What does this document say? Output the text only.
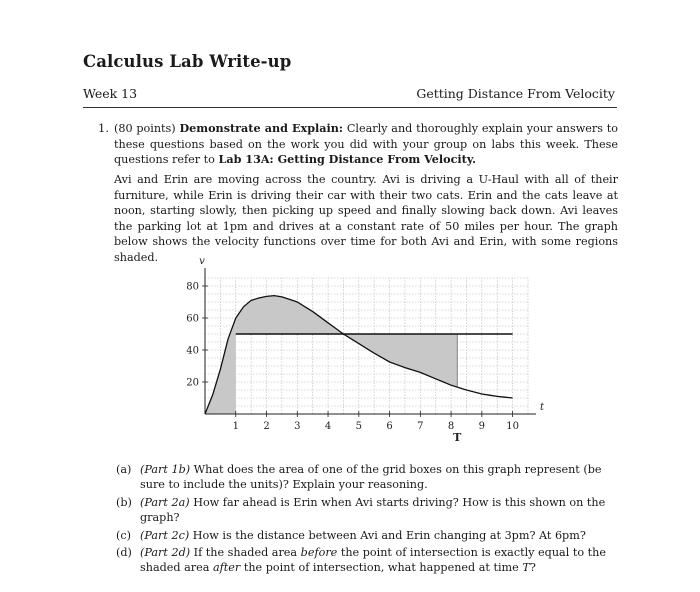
Calculus Lab Write-up
Week 13	Getting Distance From Velocity
1. (80 points) Demonstrate and Explain: Clearly and thoroughly explain your answers to these questions based on the work you did with your group on labs this week. These questions refer to Lab 13A: Getting Distance From Velocity.
Avi and Erin are moving across the country. Avi is driving a U-Haul with all of their furniture, while Erin is driving their car with their two cats. Erin and the cats leave at noon, starting slowly, then picking up speed and finally slowing back down. Avi leaves the parking lot at 1pm and drives at a constant rate of 50 miles per hour. The graph below shows the velocity functions over time for both Avi and Erin, with some regions shaded.
1 2 3 4 5 6 7 8 9 10
20
40
60
80
t
v
T
(a) (Part 1b) What does the area of one of the grid boxes on this graph represent (be sure to include the units)? Explain your reasoning.
(b) (Part 2a) How far ahead is Erin when Avi starts driving? How is this shown on the graph?
(c) (Part 2c) How is the distance between Avi and Erin changing at 3pm? At 6pm?
(d) (Part 2d) If the shaded area before the point of intersection is exactly equal to the shaded area after the point of intersection, what happened at time T?
